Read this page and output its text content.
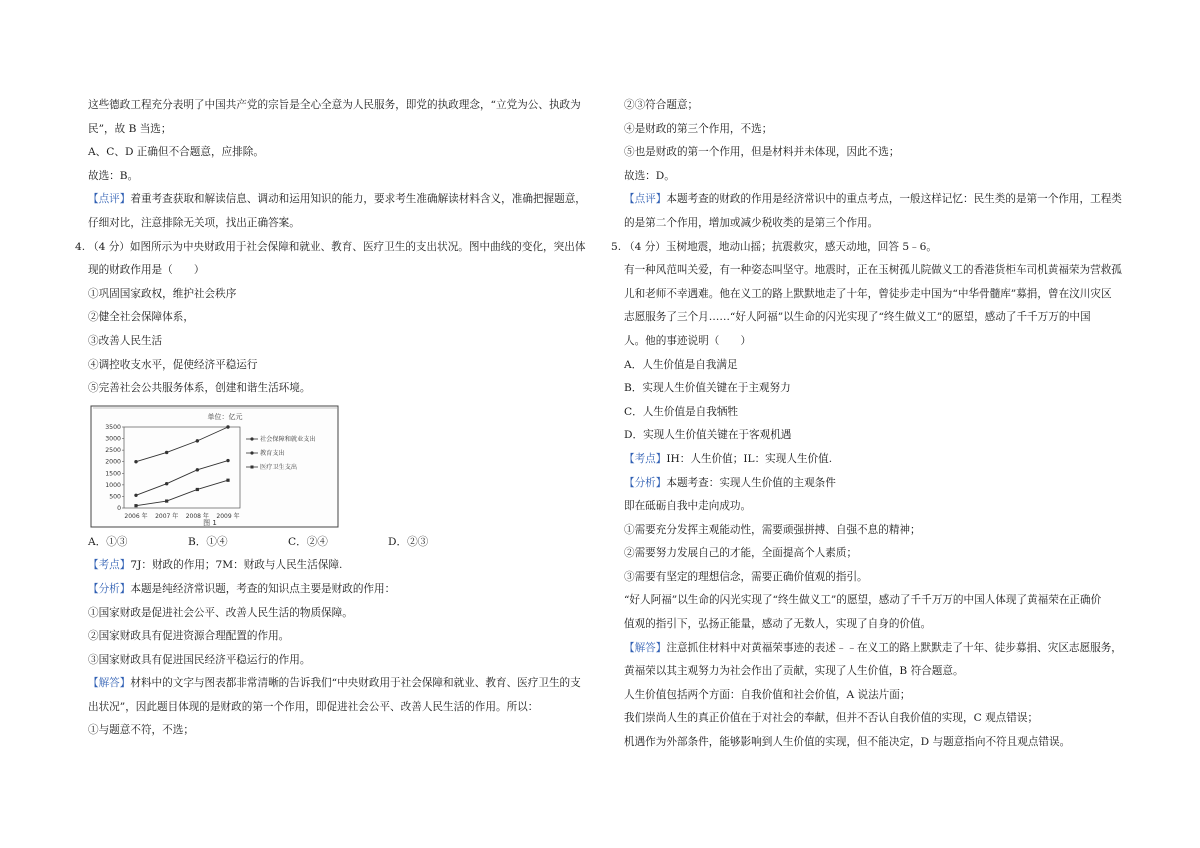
这些德政工程充分表明了中国共产党的宗旨是全心全意为人民服务，即党的执政理念，“立党为公、执政为
民”，故 B 当选；
A、C、D 正确但不合题意，应排除。
故选：B。
【点评】着重考查获取和解读信息、调动和运用知识的能力，要求考生准确解读材料含义，准确把握题意，
仔细对比，注意排除无关项，找出正确答案。
4. （4 分）如图所示为中央财政用于社会保障和就业、教育、医疗卫生的支出状况。图中曲线的变化，突出体
现的财政作用是（　　）
①巩固国家政权，维护社会秩序
②健全社会保障体系，
③改善人民生活
④调控收支水平，促使经济平稳运行
⑤完善社会公共服务体系，创建和谐生活环境。
单位：亿元
0
500
1000
1500
2000
2500
3000
3500
2006 年 2007 年 2008 年 2009 年
社会保障和就业支出
教育支出
医疗卫生支出
图 1
A．①③	B．①④	C．②④	D．②③
【考点】7J：财政的作用；7M：财政与人民生活保障.
【分析】本题是纯经济常识题，考查的知识点主要是财政的作用：
①国家财政是促进社会公平、改善人民生活的物质保障。
②国家财政具有促进资源合理配置的作用。
③国家财政具有促进国民经济平稳运行的作用。
【解答】材料中的文字与图表都非常清晰的告诉我们“中央财政用于社会保障和就业、教育、医疗卫生的支
出状况”，因此题目体现的是财政的第一个作用，即促进社会公平、改善人民生活的作用。所以：
①与题意不符，不选；
②③符合题意；
④是财政的第三个作用，不选；
⑤也是财政的第一个作用，但是材料并未体现，因此不选；
故选：D。
【点评】本题考查的财政的作用是经济常识中的重点考点，一般这样记忆：民生类的是第一个作用，工程类
的是第二个作用，增加或减少税收类的是第三个作用。
5. （4 分）玉树地震，地动山摇；抗震救灾，感天动地，回答 5﹣6。
有一种风范叫关爱，有一种姿态叫坚守。地震时，正在玉树孤儿院做义工的香港货柜车司机黄福荣为营救孤
儿和老师不幸遇难。他在义工的路上默默地走了十年，曾徒步走中国为“中华骨髓库”募捐，曾在汶川灾区
志愿服务了三个月……“好人阿福”以生命的闪光实现了“终生做义工”的愿望，感动了千千万万的中国
人。他的事迹说明（　　）
A．人生价值是自我满足
B．实现人生价值关键在于主观努力
C．人生价值是自我牺牲
D．实现人生价值关键在于客观机遇
【考点】IH：人生价值；IL：实现人生价值.
【分析】本题考查：实现人生价值的主观条件
即在砥砺自我中走向成功。
①需要充分发挥主观能动性，需要顽强拼搏、自强不息的精神；
②需要努力发展自己的才能，全面提高个人素质；
③需要有坚定的理想信念，需要正确价值观的指引。
“好人阿福”以生命的闪光实现了“终生做义工”的愿望，感动了千千万万的中国人体现了黄福荣在正确价
值观的指引下，弘扬正能量，感动了无数人，实现了自身的价值。
【解答】注意抓住材料中对黄福荣事迹的表述﹣﹣在义工的路上默默走了十年、徒步募捐、灾区志愿服务，
黄福荣以其主观努力为社会作出了贡献，实现了人生价值，B 符合题意。
人生价值包括两个方面：自我价值和社会价值，A 说法片面；
我们崇尚人生的真正价值在于对社会的奉献，但并不否认自我价值的实现，C 观点错误；
机遇作为外部条件，能够影响到人生价值的实现，但不能决定，D 与题意指向不符且观点错误。
